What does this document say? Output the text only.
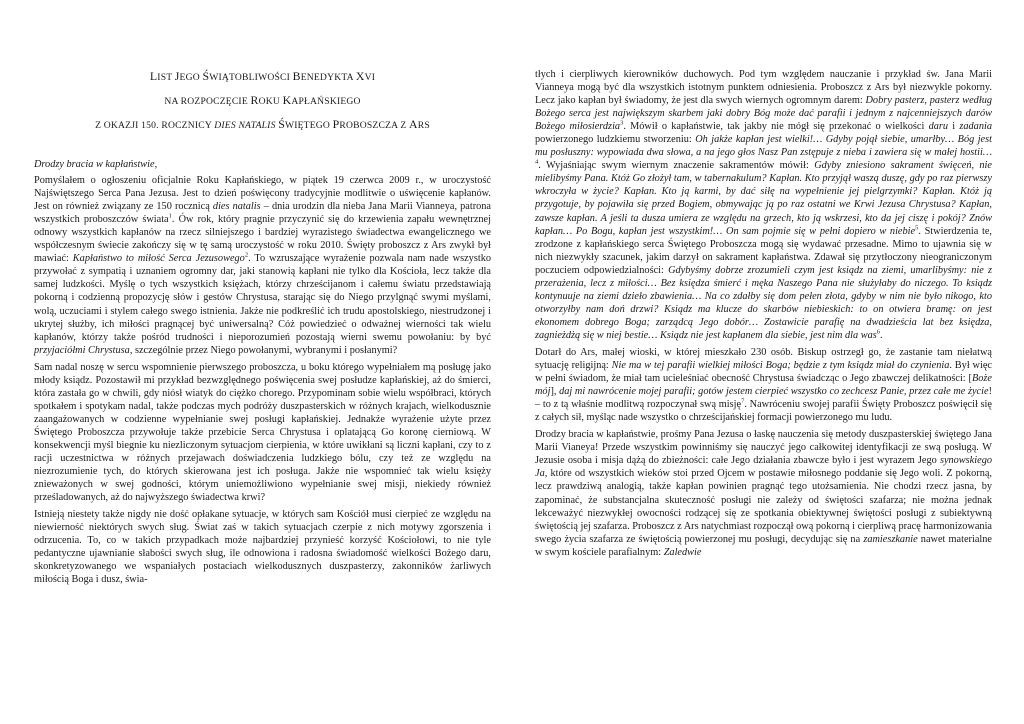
LIST JEGO ŚWIĄTOBLIWOŚCI BENEDYKTA XVI
NA ROZPOCZĘCIE ROKU KAPŁAŃSKIEGO
Z OKAZJI 150. ROCZNICY DIES NATALIS ŚWIĘTEGO PROBOSZCZA Z ARS

Drodzy bracia w kapłaństwie,

Pomyślałem o ogłoszeniu oficjalnie Roku Kapłańskiego, w piątek 19 czerwca 2009 r., w uroczystość Najświętszego Serca Pana Jezusa. Jest to dzień poświęcony tradycyjnie modlitwie o uświęcenie kapłanów. Jest on również związany ze 150 rocznicą dies natalis – dnia urodzin dla nieba Jana Marii Vianneya, patrona wszystkich proboszczów świata$^1$. Ów rok, który pragnie przyczynić się do krzewienia zapału wewnętrznej odnowy wszystkich kapłanów na rzecz silniejszego i bardziej wyrazistego świadectwa ewangelicznego we współczesnym świecie zakończy się w tę samą uroczystość w roku 2010. Święty proboszcz z Ars zwykł był mawiać: Kapłaństwo to miłość Serca Jezusowego$^2$. To wzruszające wyrażenie pozwala nam nade wszystko przywołać z sympatią i uznaniem ogromny dar, jaki stanowią kapłani nie tylko dla Kościoła, lecz także dla samej ludzkości. Myślę o tych wszystkich księżach, którzy chrześcijanom i całemu światu przedstawiają pokorną i codzienną propozycję słów i gestów Chrystusa, starając się do Niego przylgnąć swymi myślami, wolą, uczuciami i stylem całego swego istnienia. Jakże nie podkreślić ich trudu apostolskiego, niestrudzonej i ukrytej służby, ich miłości pragnącej być uniwersalną? Cóż powiedzieć o odważnej wierności tak wielu kapłanów, którzy także pośród trudności i nieporozumień pozostają wierni swemu powołaniu: by być przyjaciółmi Chrystusa, szczególnie przez Niego powołanymi, wybranymi i posłanymi?

Sam nadal noszę w sercu wspomnienie pierwszego proboszcza, u boku którego wypełniałem mą posługę jako młody ksiądz. Pozostawił mi przykład bezwzględnego poświęcenia swej posłudze kapłańskiej, aż do śmierci, która zastała go w chwili, gdy niósł wiatyk do ciężko chorego. Przypominam sobie wielu współbraci, których spotkałem i spotykam nadal, także podczas mych podróży duszpasterskich w różnych krajach, wielkodusznie zaangażowanych w codzienne wypełnianie swej posługi kapłańskiej. Jednakże wyrażenie użyte przez Świętego Proboszcza przywołuje także przebicie Serca Chrystusa i oplatającą Go koronę cierniową. W konsekwencji myśl biegnie ku niezliczonym sytuacjom cierpienia, w które uwikłani są liczni kapłani, czy to z racji uczestnictwa w różnych przejawach doświadczenia ludzkiego bólu, czy też ze względu na niezrozumienie tych, do których skierowana jest ich posługa. Jakże nie wspomnieć tak wielu księży znieważonych w swej godności, którym uniemożliwiono wypełnianie swej misji, niekiedy również prześladowanych, aż do najwyższego świadectwa krwi?

Istnieją niestety także nigdy nie dość opłakane sytuacje, w których sam Kościół musi cierpieć ze względu na niewierność niektórych swych sług. Świat zaś w takich sytuacjach czerpie z nich motywy zgorszenia i odrzucenia. To, co w takich przypadkach może najbardziej przynieść korzyść Kościołowi, to nie tyle pedantyczne ujawnianie słabości swych sług, ile odnowiona i radosna świadomość wielkości Bożego daru, skonkretyzowanego we wspaniałych postaciach wielkodusznych duszpasterzy, zakonników żarliwych miłością Boga i dusz, świa-

tłych i cierpliwych kierowników duchowych. Pod tym względem nauczanie i przykład św. Jana Marii Vianneya mogą być dla wszystkich istotnym punktem odniesienia. Proboszcz z Ars był niezwykle pokorny. Lecz jako kapłan był świadomy, że jest dla swych wiernych ogromnym darem: Dobry pasterz, pasterz według Bożego serca jest największym skarbem jaki dobry Bóg może dać parafii i jednym z najcenniejszych darów Bożego miłosierdzia$^3$. Mówił o kapłaństwie, tak jakby nie mógł się przekonać o wielkości daru i zadania powierzonego ludzkiemu stworzeniu: Oh jakże kapłan jest wielki!… Gdyby pojął siebie, umarłby… Bóg jest mu posłuszny: wypowiada dwa słowa, a na jego głos Nasz Pan zstępuje z nieba i zawiera się w małej hostii…$^4$. Wyjaśniając swym wiernym znaczenie sakramentów mówił: Gdyby zniesiono sakrament święceń, nie mielibyśmy Pana. Któż Go złożył tam, w tabernakulum? Kapłan. Kto przyjął waszą duszę, gdy po raz pierwszy wkroczyła w życie? Kapłan. Kto ją karmi, by dać siłę na wypełnienie jej pielgrzymki? Kapłan. Któż ją przygotuje, by pojawiła się przed Bogiem, obmywając ją po raz ostatni we Krwi Jezusa Chrystusa? Kapłan, zawsze kapłan. A jeśli ta dusza umiera ze względu na grzech, kto ją wskrzesi, kto da jej ciszę i pokój? Znów kapłan… Po Bogu, kapłan jest wszystkim!… On sam pojmie się w pełni dopiero w niebie$^5$. Stwierdzenia te, zrodzone z kapłańskiego serca Świętego Proboszcza mogą się wydawać przesadne. Mimo to ujawnia się w nich niezwykły szacunek, jakim darzył on sakrament kapłaństwa. Zdawał się przytłoczony nieograniczonym poczuciem odpowiedzialności: Gdybyśmy dobrze zrozumieli czym jest ksiądz na ziemi, umarlibyśmy: nie z przerażenia, lecz z miłości… Bez księdza śmierć i męka Naszego Pana nie służyłaby do niczego. To ksiądz kontynuuje na ziemi dzieło zbawienia… Na co zdałby się dom pełen złota, gdyby w nim nie było nikogo, kto otworzyłby nam doń drzwi? Ksiądz ma klucze do skarbów niebieskich: to on otwiera bramę: on jest ekonomem dobrego Boga; zarządcą Jego dobór… Zostawicie parafię na dwadzieścia lat bez księdza, zagnieżdżą się w niej bestie… Ksiądz nie jest kapłanem dla siebie, jest nim dla was$^6$.

Dotarł do Ars, małej wioski, w której mieszkało 230 osób. Biskup ostrzegł go, że zastanie tam niełatwą sytuację religijną: Nie ma w tej parafii wielkiej miłości Boga; będzie z tym ksiądz miał do czynienia. Był więc w pełni świadom, że miał tam ucieleśniać obecność Chrystusa świadcząc o Jego zbawczej delikatności: [Boże mój], daj mi nawrócenie mojej parafii; gotów jestem cierpieć wszystko co zechcesz Panie, przez całe me życie! – to z tą właśnie modlitwą rozpoczynał swą misję$^7$. Nawróceniu swojej parafii Święty Proboszcz poświęcił się z całych sił, myśląc nade wszystko o chrześcijańskiej formacji powierzonego mu ludu.

Drodzy bracia w kapłaństwie, prośmy Pana Jezusa o łaskę nauczenia się metody duszpasterskiej świętego Jana Marii Vianeya! Przede wszystkim powinniśmy się nauczyć jego całkowitej identyfikacji ze swą posługą. W Jezusie osoba i misja dążą do zbieżności: całe Jego działania zbawcze było i jest wyrazem Jego synowskiego Ja, które od wszystkich wieków stoi przed Ojcem w postawie miłosnego poddanie się Jego woli. Z pokorną, lecz prawdziwą analogią, także kapłan powinien pragnąć tego utożsamienia. Nie chodzi rzecz jasna, by zapominać, że substancjalna skuteczność posługi nie zależy od świętości szafarza; nie można jednak lekceważyć niezwykłej owocności rodzącej się ze spotkania obiektywnej świętości posługi z subiektywną świętością jej szafarza. Proboszcz z Ars natychmiast rozpoczął ową pokorną i cierpliwą pracę harmonizowania swego życia szafarza ze świętością powierzonej mu posługi, decydując się na zamieszkanie nawet materialne w swym kościele parafialnym: Zaledwie
